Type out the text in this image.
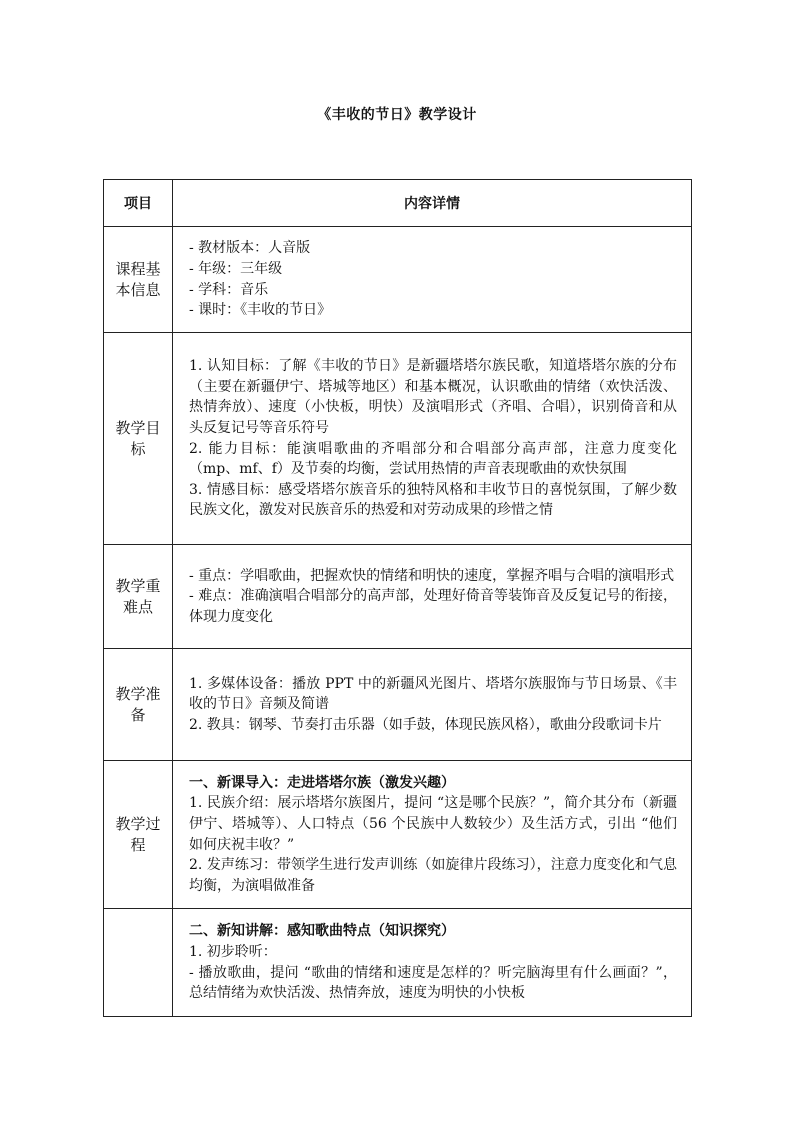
《丰收的节日》教学设计
项目	内容详情
课程基本信息	- 教材版本：人音版
- 年级：三年级
- 学科：音乐
- 课时：《丰收的节日》

教学目标	1. 认知目标：了解《丰收的节日》是新疆塔塔尔族民歌，知道塔塔尔族的分布（主要在新疆伊宁、塔城等地区）和基本概况，认识歌曲的情绪（欢快活泼、热情奔放）、速度（小快板，明快）及演唱形式（齐唱、合唱），识别倚音和从头反复记号等音乐符号
2. 能力目标：能演唱歌曲的齐唱部分和合唱部分高声部，注意力度变化（mp、mf、f）及节奏的均衡，尝试用热情的声音表现歌曲的欢快氛围
3. 情感目标：感受塔塔尔族音乐的独特风格和丰收节日的喜悦氛围，了解少数民族文化，激发对民族音乐的热爱和对劳动成果的珍惜之情

教学重难点	- 重点：学唱歌曲，把握欢快的情绪和明快的速度，掌握齐唱与合唱的演唱形式
- 难点：准确演唱合唱部分的高声部，处理好倚音等装饰音及反复记号的衔接，体现力度变化

教学准备	1. 多媒体设备：播放 PPT 中的新疆风光图片、塔塔尔族服饰与节日场景、《丰收的节日》音频及简谱
2. 教具：钢琴、节奏打击乐器（如手鼓，体现民族风格），歌曲分段歌词卡片

教学过程	一、新课导入：走进塔塔尔族（激发兴趣）
1. 民族介绍：展示塔塔尔族图片，提问 “这是哪个民族？”，简介其分布（新疆伊宁、塔城等）、人口特点（56 个民族中人数较少）及生活方式，引出 “他们如何庆祝丰收？”
2. 发声练习：带领学生进行发声训练（如旋律片段练习），注意力度变化和气息均衡，为演唱做准备

	二、新知讲解：感知歌曲特点（知识探究）
1. 初步聆听：
- 播放歌曲，提问 “歌曲的情绪和速度是怎样的？听完脑海里有什么画面？”，总结情绪为欢快活泼、热情奔放，速度为明快的小快板
